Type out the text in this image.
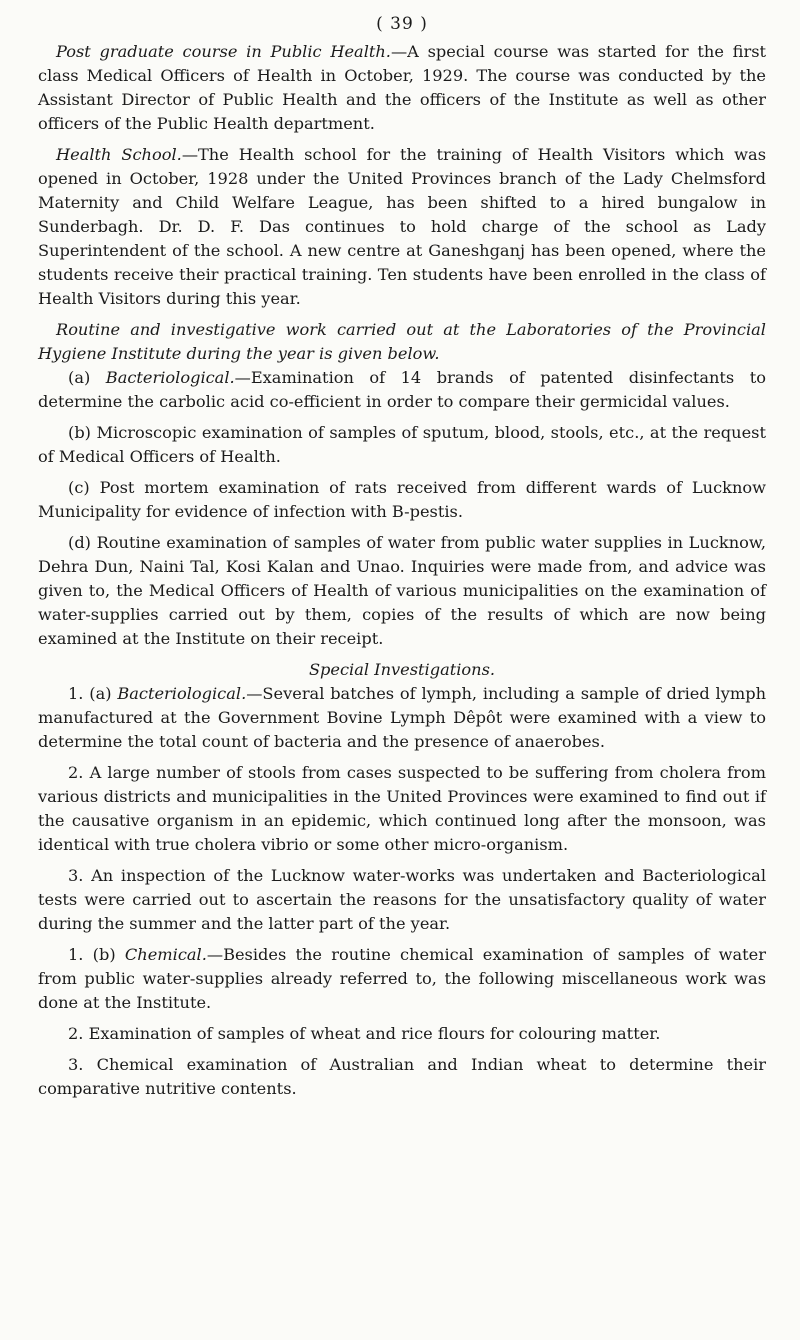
( 39 )

Post graduate course in Public Health.—A special course was started for the first class Medical Officers of Health in October, 1929. The course was conducted by the Assistant Director of Public Health and the officers of the Institute as well as other officers of the Public Health department.

Health School.—The Health school for the training of Health Visitors which was opened in October, 1928 under the United Provinces branch of the Lady Chelmsford Maternity and Child Welfare League, has been shifted to a hired bungalow in Sunderbagh. Dr. D. F. Das continues to hold charge of the school as Lady Superintendent of the school. A new centre at Ganeshganj has been opened, where the students receive their practical training. Ten students have been enrolled in the class of Health Visitors during this year.

Routine and investigative work carried out at the Laboratories of the Provincial Hygiene Institute during the year is given below.

(a) Bacteriological.—Examination of 14 brands of patented disinfectants to determine the carbolic acid co-efficient in order to compare their germicidal values.

(b) Microscopic examination of samples of sputum, blood, stools, etc., at the request of Medical Officers of Health.

(c) Post mortem examination of rats received from different wards of Lucknow Municipality for evidence of infection with B-pestis.

(d) Routine examination of samples of water from public water supplies in Lucknow, Dehra Dun, Naini Tal, Kosi Kalan and Unao. Inquiries were made from, and advice was given to, the Medical Officers of Health of various municipalities on the examination of water-supplies carried out by them, copies of the results of which are now being examined at the Institute on their receipt.

Special Investigations.

1. (a) Bacteriological.—Several batches of lymph, including a sample of dried lymph manufactured at the Government Bovine Lymph Dêpôt were examined with a view to determine the total count of bacteria and the presence of anaerobes.

2. A large number of stools from cases suspected to be suffering from cholera from various districts and municipalities in the United Provinces were examined to find out if the causative organism in an epidemic, which continued long after the monsoon, was identical with true cholera vibrio or some other micro-organism.

3. An inspection of the Lucknow water-works was undertaken and Bacteriological tests were carried out to ascertain the reasons for the unsatisfactory quality of water during the summer and the latter part of the year.

1. (b) Chemical.—Besides the routine chemical examination of samples of water from public water-supplies already referred to, the following miscellaneous work was done at the Institute.

2. Examination of samples of wheat and rice flours for colouring matter.

3. Chemical examination of Australian and Indian wheat to determine their comparative nutritive contents.
